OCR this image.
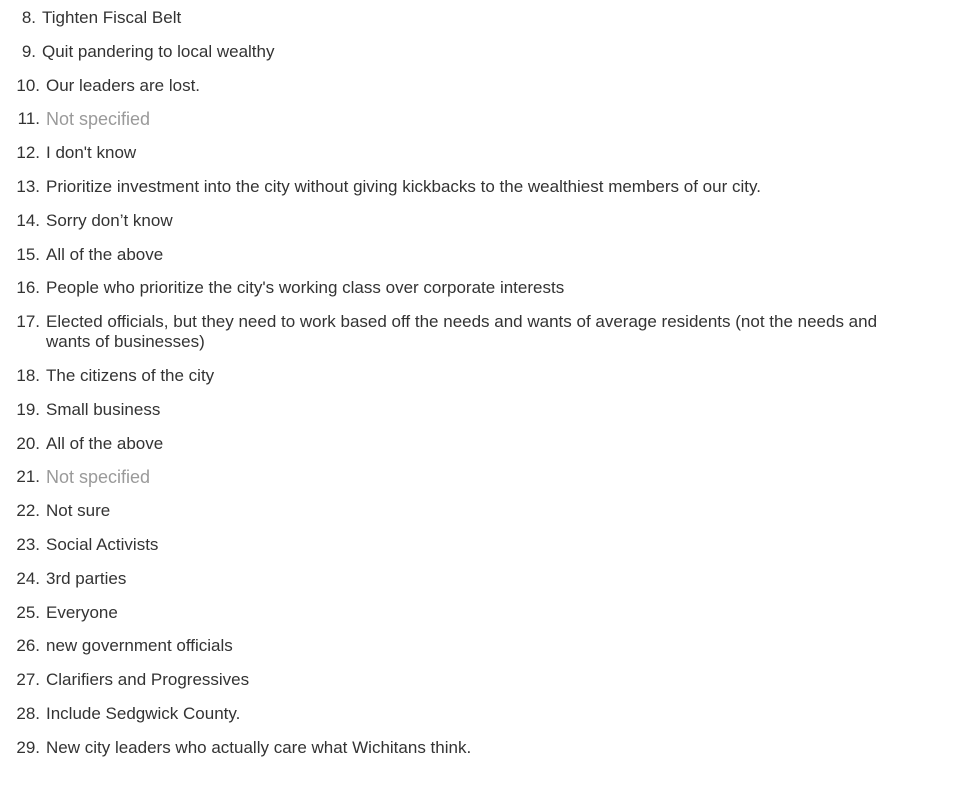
8. Tighten Fiscal Belt
9. Quit pandering to local wealthy
10. Our leaders are lost.
11. Not specified
12. I don't know
13. Prioritize investment into the city without giving kickbacks to the wealthiest members of our city.
14. Sorry don’t know
15. All of the above
16. People who prioritize the city's working class over corporate interests
17. Elected officials, but they need to work based off the needs and wants of average residents (not the needs and wants of businesses)
18. The citizens of the city
19. Small business
20. All of the above
21. Not specified
22. Not sure
23. Social Activists
24. 3rd parties
25. Everyone
26. new government officials
27. Clarifiers and Progressives
28. Include Sedgwick County.
29. New city leaders who actually care what Wichitans think.
